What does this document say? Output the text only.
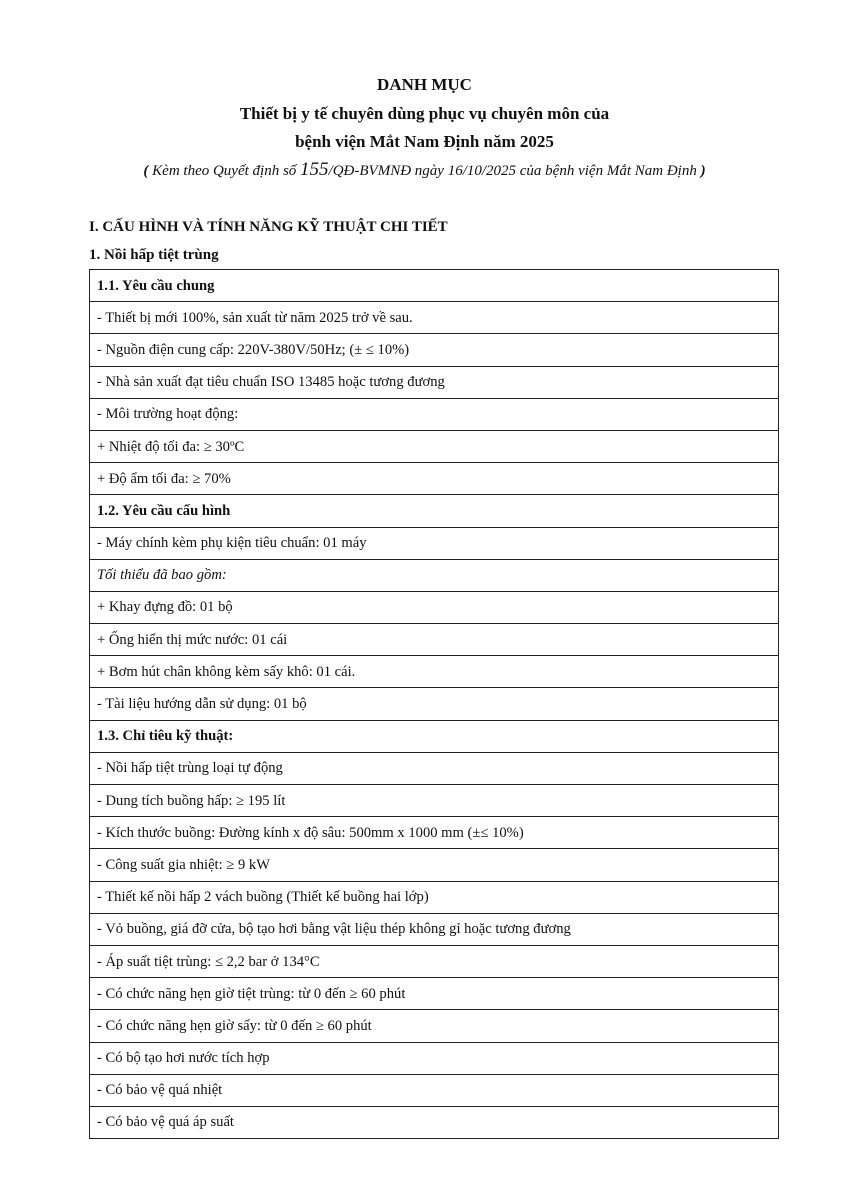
DANH MỤC
Thiết bị y tế chuyên dùng phục vụ chuyên môn của
bệnh viện Mắt Nam Định năm 2025
( Kèm theo Quyết định số 155/QĐ-BVMNĐ ngày 16/10/2025 của bệnh viện Mắt Nam Định )
I. CẤU HÌNH VÀ TÍNH NĂNG KỸ THUẬT CHI TIẾT
1. Nồi hấp tiệt trùng
1.1. Yêu cầu chung
- Thiết bị mới 100%, sản xuất từ năm 2025 trở về sau.
- Nguồn điện cung cấp: 220V-380V/50Hz; (± ≤ 10%)
- Nhà sản xuất đạt tiêu chuẩn ISO 13485 hoặc tương đương
- Môi trường hoạt động:
+ Nhiệt độ tối đa: ≥ 30ºC
+ Độ ẩm tối đa: ≥ 70%
1.2. Yêu cầu cấu hình
- Máy chính kèm phụ kiện tiêu chuẩn: 01 máy
Tối thiểu đã bao gồm:
+ Khay đựng đồ: 01 bộ
+ Ống hiển thị mức nước: 01 cái
+ Bơm hút chân không kèm sấy khô: 01 cái.
- Tài liệu hướng dẫn sử dụng: 01 bộ
1.3. Chỉ tiêu kỹ thuật:
- Nồi hấp tiệt trùng loại tự động
- Dung tích buồng hấp: ≥ 195 lít
- Kích thước buồng: Đường kính x độ sâu: 500mm x 1000 mm (±≤ 10%)
- Công suất gia nhiệt: ≥ 9 kW
- Thiết kế nồi hấp 2 vách buồng (Thiết kế buồng hai lớp)
- Vỏ buồng, giá đỡ cửa, bộ tạo hơi bằng vật liệu thép không gỉ hoặc tương đương
- Áp suất tiệt trùng: ≤ 2,2 bar ở 134°C
- Có chức năng hẹn giờ tiệt trùng: từ 0 đến ≥ 60 phút
- Có chức năng hẹn giờ sấy: từ 0 đến ≥ 60 phút
- Có bộ tạo hơi nước tích hợp
- Có bảo vệ quá nhiệt
- Có bảo vệ quá áp suất
